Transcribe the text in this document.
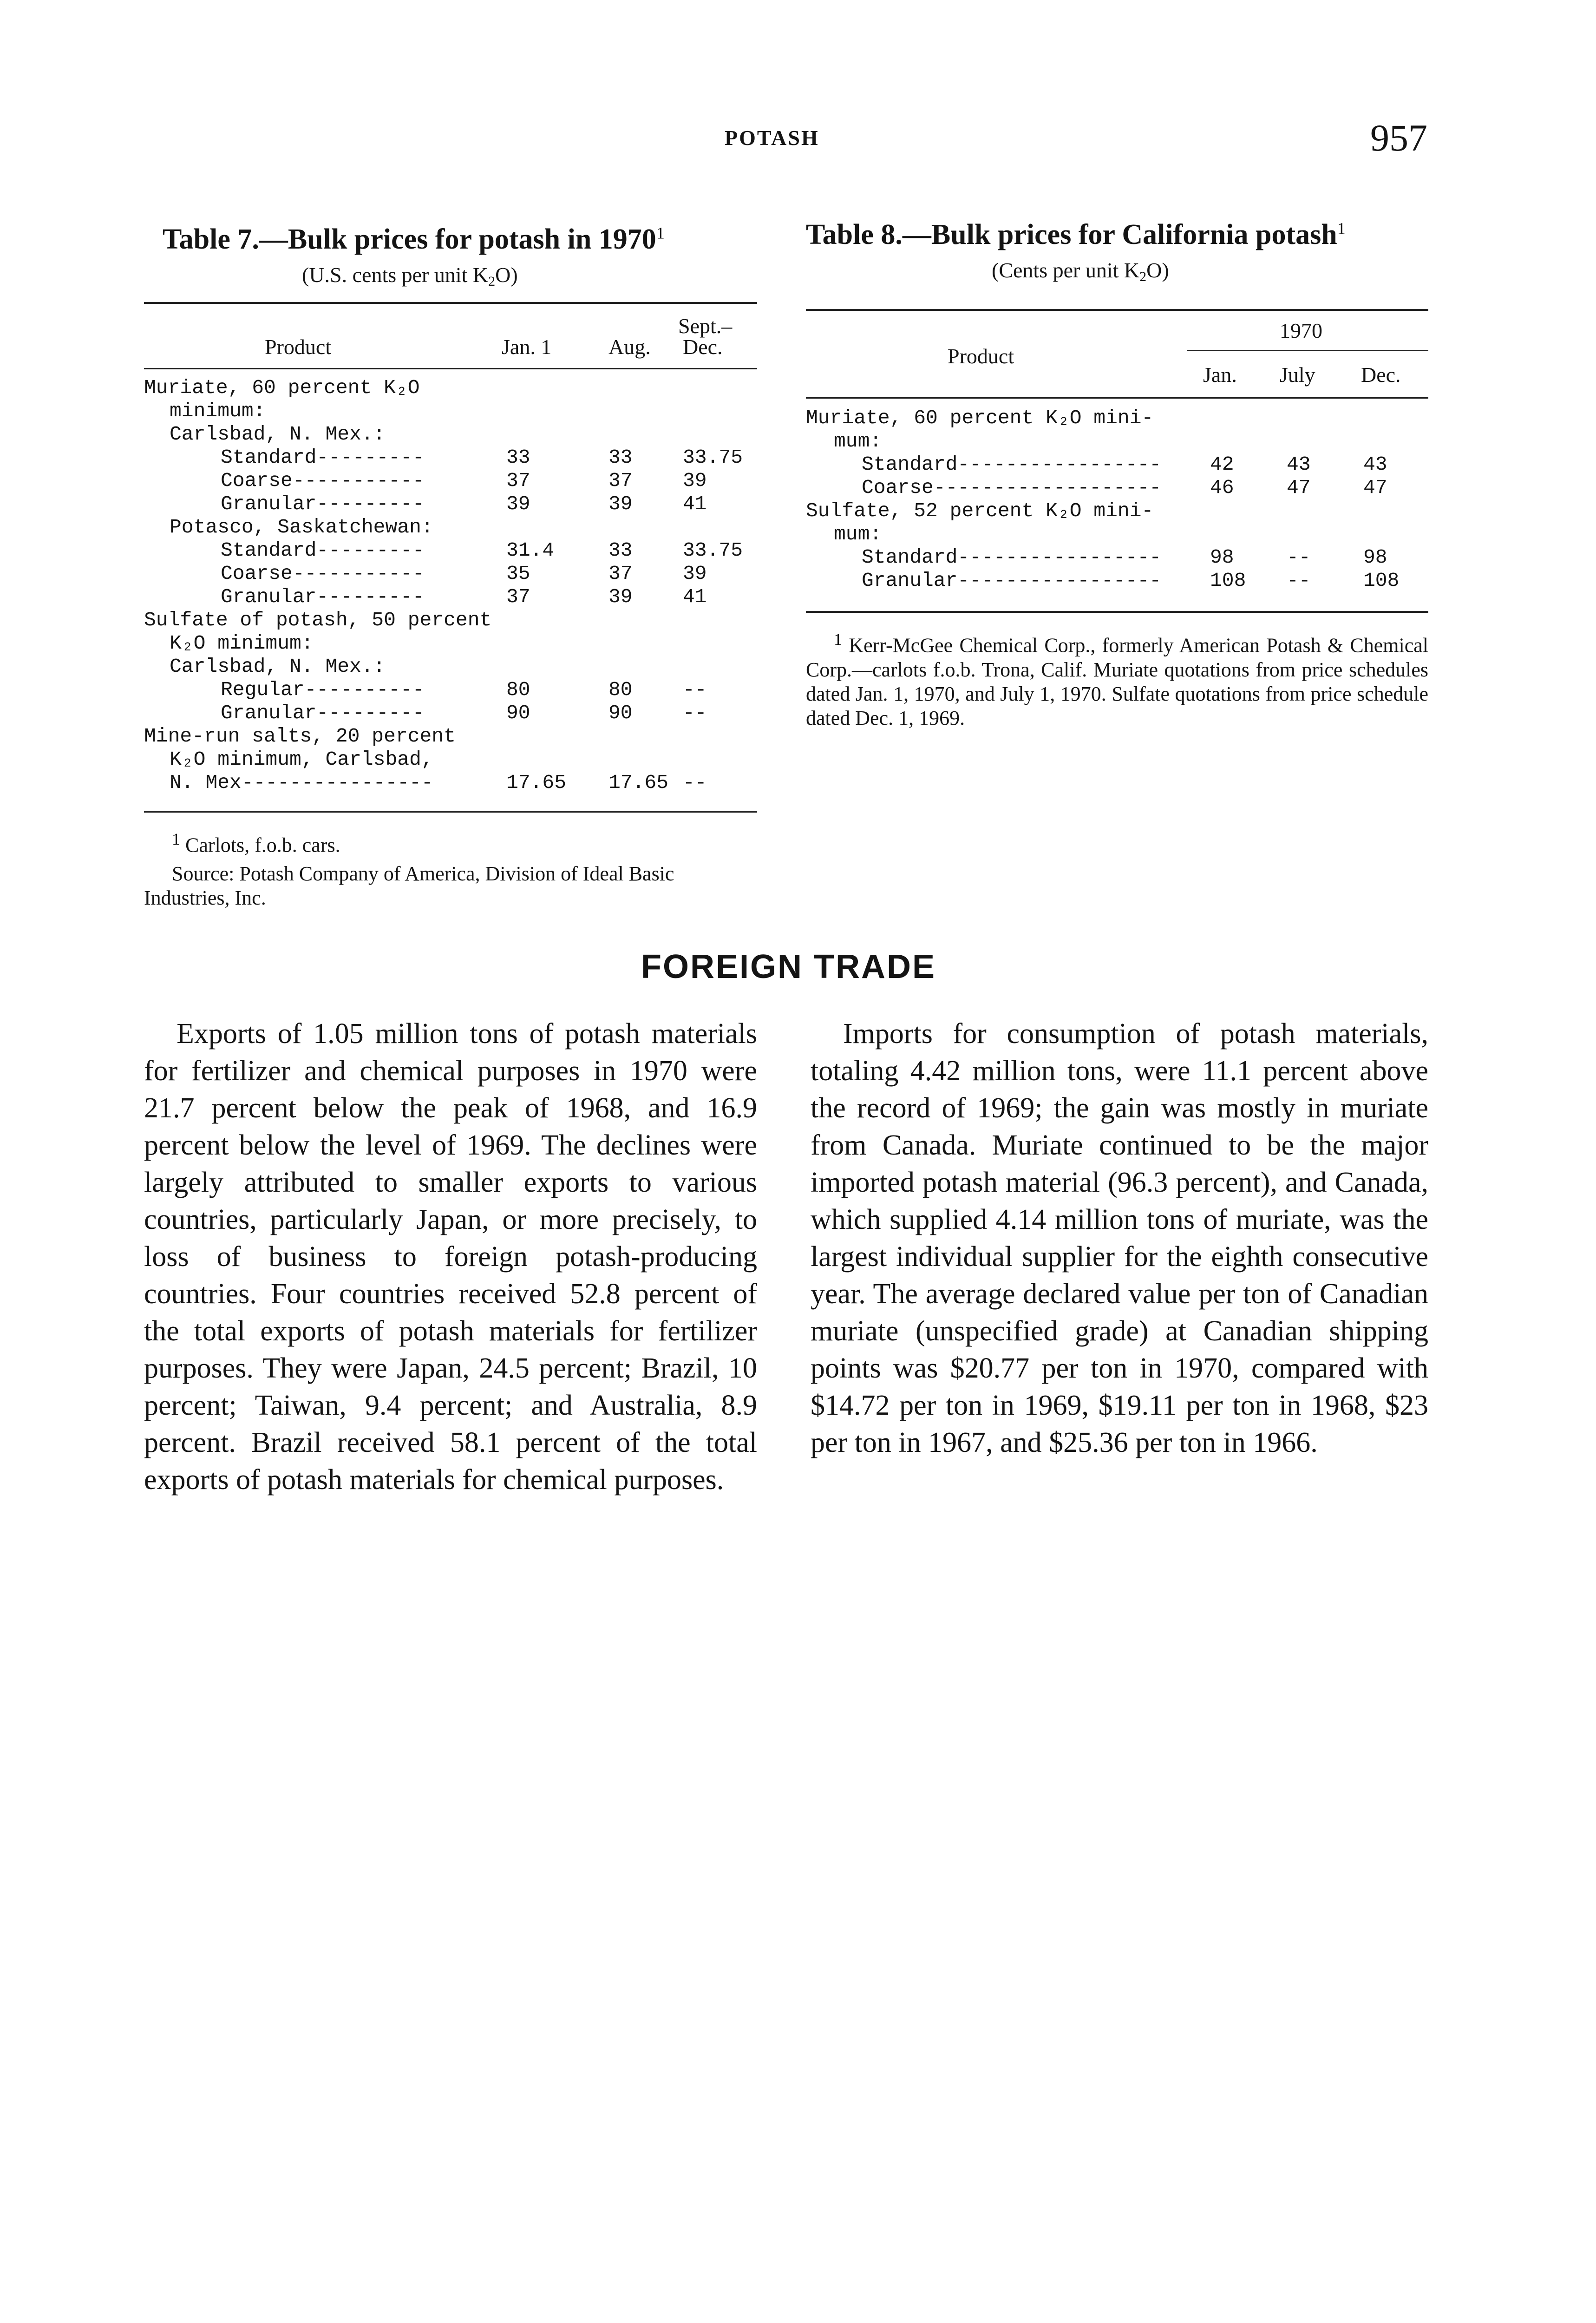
POTASH	957
Table 7.—Bulk prices for potash in 1970$^1$
(U.S. cents per unit $K_2O$)
Sept.–
Product	Jan. 1	Aug. Dec.
Muriate, 60 percent K₂O
minimum:
Carlsbad, N. Mex.:
Standard---------	33	33	33.75
Coarse-----------	37	37	39
Granular---------	39	39	41
Potasco, Saskatchewan:
Standard---------	31.4	33	33.75
Coarse-----------	35	37	39
Granular---------	37	39	41
Sulfate of potash, 50 percent
K₂O minimum:
Carlsbad, N. Mex.:
Regular----------	80	80	--
Granular---------	90	90	--
Mine-run salts, 20 percent
K₂O minimum, Carlsbad,
N. Mex----------------	17.65 17.65 --
$^1$ Carlots, f.o.b. cars.
Source: Potash Company of America, Division of Ideal Basic Industries, Inc.
Table 8.—Bulk prices for California potash$^1$
(Cents per unit $K_2O$)
Product
1970
Jan. July Dec.
Muriate, 60 percent K₂O mini-
mum:
Standard----------------- 42	43	43
Coarse------------------- 46	47	47
Sulfate, 52 percent K₂O mini-
mum:
Standard----------------- 98	--	98
Granular----------------- 108 --	108
$^1$ Kerr-McGee Chemical Corp., formerly American Potash & Chemical Corp.—carlots f.o.b. Trona, Calif. Muriate quotations from price schedules dated Jan. 1, 1970, and July 1, 1970. Sulfate quotations from price schedule dated Dec. 1, 1969.
FOREIGN TRADE
Exports of 1.05 million tons of potash materials for fertilizer and chemical purposes in 1970 were 21.7 percent below the peak of 1968, and 16.9 percent below the level of 1969. The declines were largely attributed to smaller exports to various countries, particularly Japan, or more precisely, to loss of business to foreign potash-producing countries. Four countries received 52.8 percent of the total exports of potash materials for fertilizer purposes. They were Japan, 24.5 percent; Brazil, 10 percent; Taiwan, 9.4 percent; and Australia, 8.9 percent. Brazil received 58.1 percent of the total exports of potash materials for chemical purposes.
Imports for consumption of potash materials, totaling 4.42 million tons, were 11.1 percent above the record of 1969; the gain was mostly in muriate from Canada. Muriate continued to be the major imported potash material (96.3 percent), and Canada, which supplied 4.14 million tons of muriate, was the largest individual supplier for the eighth consecutive year. The average declared value per ton of Canadian muriate (unspecified grade) at Canadian shipping points was $20.77 per ton in 1970, compared with $14.72 per ton in 1969, $19.11 per ton in 1968, $23 per ton in 1967, and $25.36 per ton in 1966.
